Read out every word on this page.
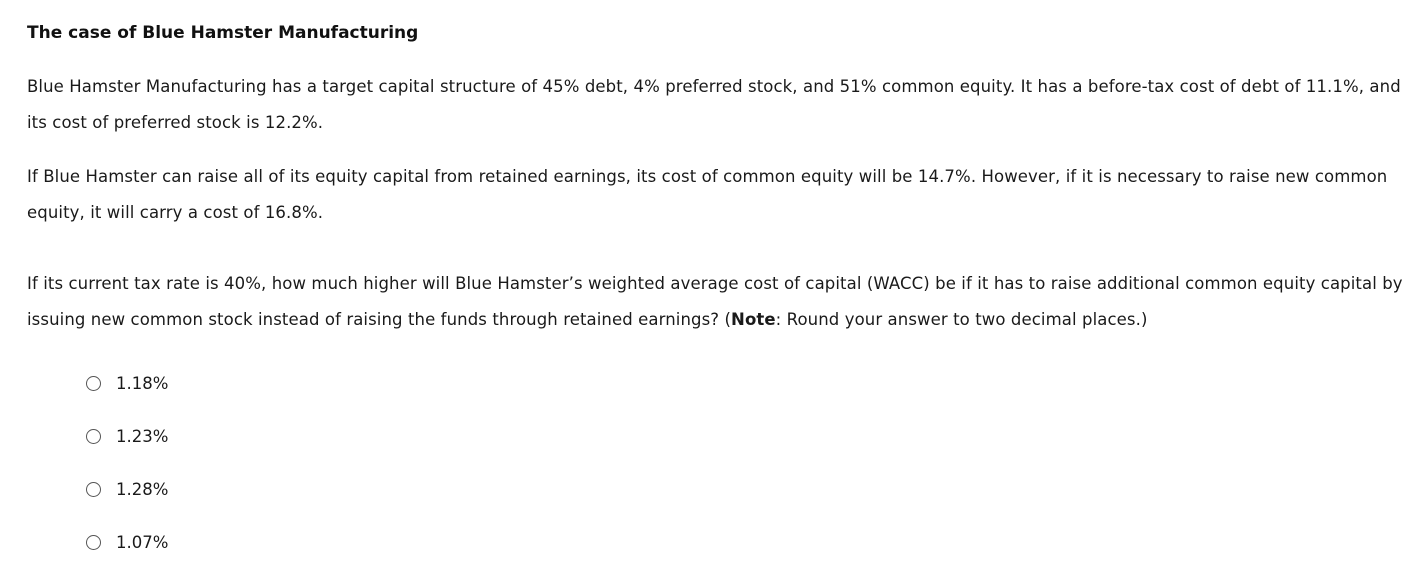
The case of Blue Hamster Manufacturing

Blue Hamster Manufacturing has a target capital structure of 45% debt, 4% preferred stock, and 51% common equity. It has a before-tax cost of debt of 11.1%, and its cost of preferred stock is 12.2%.

If Blue Hamster can raise all of its equity capital from retained earnings, its cost of common equity will be 14.7%. However, if it is necessary to raise new common equity, it will carry a cost of 16.8%.

If its current tax rate is 40%, how much higher will Blue Hamster’s weighted average cost of capital (WACC) be if it has to raise additional common equity capital by issuing new common stock instead of raising the funds through retained earnings? (Note: Round your answer to two decimal places.)

1.18%
1.23%
1.28%
1.07%
